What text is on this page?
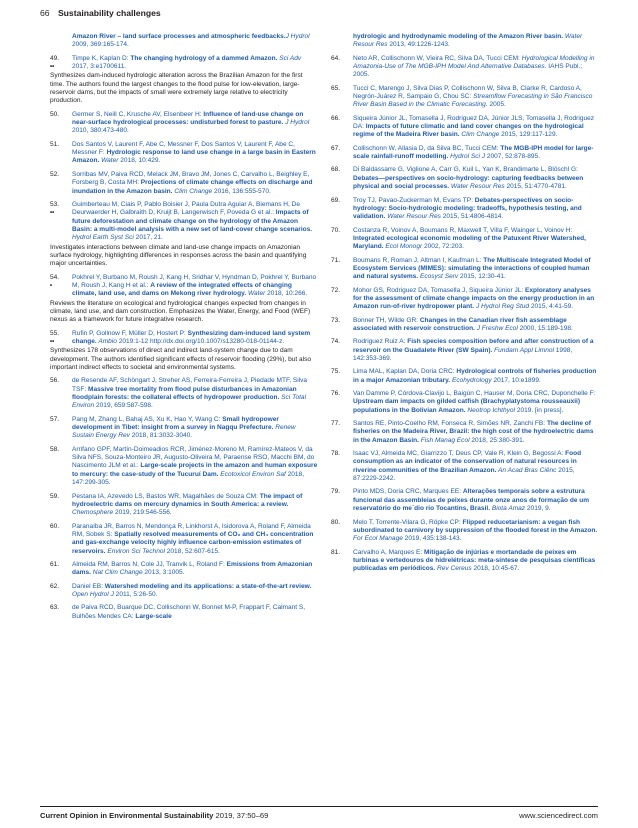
66 Sustainability challenges
Amazon River – land surface processes and atmospheric feedbacks.J Hydrol 2009, 369:165-174.
49.
••
Timpe K, Kaplan D: The changing hydrology of a dammed Amazon. Sci Adv 2017, 3:e1700611.
Synthesizes dam-induced hydrologic alteration across the Brazilian Amazon for the first time. The authors found the largest changes to the flood pulse for low-elevation, large-reservoir dams, but the impacts of small were extremely large relative to electricity production.
50. Germer S, Neill C, Krusche AV, Elsenbeer H: Influence of land-use change on near-surface hydrological processes: undisturbed forest to pasture. J Hydrol 2010, 380:473-480.
51. Dos Santos V, Laurent F, Abe C, Messner F, Dos Santos V, Laurent F, Abe C, Messner F: Hydrologic response to land use change in a large basin in Eastern Amazon. Water 2018, 10:429.
52. Sorribas MV, Paiva RCD, Melack JM, Bravo JM, Jones C, Carvalho L, Beighley E, Forsberg B, Costa MH: Projections of climate change effects on discharge and inundation in the Amazon basin. Clim Change 2016, 136:555-570.
53.
••
Guimberteau M, Ciais P, Pablo Boisier J, Paula Dutra Aguiar A, Biemans H, De Deurwaerder H, Galbraith D, Kruijt B, Langerwisch F, Poveda G et al.: Impacts of future deforestation and climate change on the hydrology of the Amazon Basin: a multi-model analysis with a new set of land-cover change scenarios. Hydrol Earth Syst Sci 2017, 21.
Investigates interactions between climate and land-use change impacts on Amazonian surface hydrology, highlighting differences in responses across the basin and quantifying major uncertainties.
54.
•
Pokhrel Y, Burbano M, Roush J, Kang H, Sridhar V, Hyndman D, Pokhrel Y, Burbano M, Roush J, Kang H et al.: A review of the integrated effects of changing climate, land use, and dams on Mekong river hydrology. Water 2018, 10:266.
Reviews the literature on ecological and hydrological changes expected from changes in climate, land use, and dam construction. Emphasizes the Water, Energy, and Food (WEF) nexus as a framework for future integrative research.
55.
••
Rufin P, Gollnow F, Müller D, Hostert P: Synthesizing dam-induced land system change. Ambio 2019:1-12 http://dx.doi.org/10.1007/s13280-018-01144-z.
Synthesizes 178 observations of direct and indirect land-system change due to dam development. The authors identified significant effects of reservoir flooding (29%), but also important indirect effects to societal and environmental systems.
56. de Resende AF, Schöngart J, Streher AS, Ferreira-Ferreira J, Piedade MTF, Silva TSF: Massive tree mortality from flood pulse disturbances in Amazonian floodplain forests: the collateral effects of hydropower production. Sci Total Environ 2019, 659:587-598.
57. Pang M, Zhang L, Bahaj AS, Xu K, Hao Y, Wang C: Small hydropower development in Tibet: insight from a survey in Nagqu Prefecture. Renew Sustain Energy Rev 2018, 81:3032-3040.
58. Arrifano GPF, Martín-Doimeadios RCR, Jiménez-Moreno M, Ramírez-Mateos V, da Silva NFS, Souza-Monteiro JR, Augusto-Oliveira M, Paraense RSO, Macchi BM, do Nascimento JLM et al.: Large-scale projects in the amazon and human exposure to mercury: the case-study of the Tucuruí Dam. Ecotoxicol Environ Saf 2018, 147:299-305.
59. Pestana IA, Azevedo LS, Bastos WR, Magalhães de Souza CM: The impact of hydroelectric dams on mercury dynamics in South America: a review. Chemosphere 2019, 219:546-556.
60. Paranaíba JR, Barros N, Mendonça R, Linkhorst A, Isidorova A, Roland F, Almeida RM, Sobek S: Spatially resolved measurements of CO₂ and CH₄ concentration and gas-exchange velocity highly influence carbon-emission estimates of reservoirs. Environ Sci Technol 2018, 52:607-615.
61. Almeida RM, Barros N, Cole JJ, Tranvik L, Roland F: Emissions from Amazonian dams. Nat Clim Change 2013, 3:1005.
62. Daniel EB: Watershed modeling and its applications: a state-of-the-art review. Open Hydrol J 2011, 5:26-50.
63. de Paiva RCD, Buarque DC, Collischonn W, Bonnet M-P, Frappart F, Calmant S, Bulhões Mendes CA: Large-scale
hydrologic and hydrodynamic modeling of the Amazon River basin. Water Resour Res 2013, 49:1226-1243.
64. Neto AR, Collischonn W, Vieira RC, Silva DA, Tucci CEM: Hydrological Modelling in Amazonia-Use of The MGB-IPH Model And Alternative Databases. IAHS Publ.; 2005.
65. Tucci C, Marengo J, Silva Dias P, Collischonn W, Silva B, Clarke R, Cardoso A, Negrón-Juárez R, Sampaio G, Chou SC: Streamflow Forecasting in São Francisco River Basin Based in the Climatic Forecasting. 2005.
66. Siqueira Júnior JL, Tomasella J, Rodriguez DA, Júnior JLS, Tomasella J, Rodriguez DA: Impacts of future climatic and land cover changes on the hydrological regime of the Madeira River basin. Clim Change 2015, 129:117-129.
67. Collischonn W, Allasia D, da Silva BC, Tucci CEM: The MGB-IPH model for large-scale rainfall-runoff modelling. Hydrol Sci J 2007, 52:878-895.
68. Di Baldassarre G, Viglione A, Carr G, Kuil L, Yan K, Brandimarte L, Blöschl G: Debates—perspectives on socio-hydrology: capturing feedbacks between physical and social processes. Water Resour Res 2015, 51:4770-4781.
69. Troy TJ, Pavao-Zuckerman M, Evans TP: Debates-perspectives on socio-hydrology: Socio-hydrologic modeling: tradeoffs, hypothesis testing, and validation. Water Resour Res 2015, 51:4806-4814.
70. Costanza R, Voinov A, Boumans R, Maxwell T, Villa F, Wainger L, Voinov H: Integrated ecological economic modeling of the Patuxent River Watershed, Maryland. Ecol Monogr 2002, 72:203.
71. Boumans R, Roman J, Altman I, Kaufman L: The Multiscale Integrated Model of Ecosystem Services (MIMES): simulating the interactions of coupled human and natural systems. Ecosyst Serv 2015, 12:30-41.
72. Mohor GS, Rodriguez DA, Tomasella J, Siqueira Júnior JL: Exploratory analyses for the assessment of climate change impacts on the energy production in an Amazon run-of-river hydropower plant. J Hydrol Reg Stud 2015, 4:41-59.
73. Bonner TH, Wilde GR: Changes in the Canadian river fish assemblage associated with reservoir construction. J Freshw Ecol 2000, 15:189-198.
74. Rodriguez Ruiz A: Fish species composition before and after construction of a reservoir on the Guadalete River (SW Spain). Fundam Appl Limnol 1998, 142:353-369.
75. Lima MAL, Kaplan DA, Doria CRC: Hydrological controls of fisheries production in a major Amazonian tributary. Ecohydrology 2017, 10:e1899.
76. Van Damme P, Córdova-Clavijo L, Baigún C, Hauser M, Doria CRC, Duponchelle F: Upstream dam impacts on gilded catfish (Brachyplatystoma rousseauxii) populations in the Bolivian Amazon. Neotrop Ichthyol 2019. [in press].
77. Santos RE, Pinto-Coelho RM, Fonseca R, Simões NR, Zanchi FB: The decline of fisheries on the Madeira River, Brazil: the high cost of the hydroelectric dams in the Amazon Basin. Fish Manag Ecol 2018, 25:380-391.
78. Isaac VJ, Almeida MC, Giarrizzo T, Deus CP, Vale R, Klein G, Begossi A: Food consumption as an indicator of the conservation of natural resources in riverine communities of the Brazilian Amazon. An Acad Bras Ciênc 2015, 87:2229-2242.
79. Pinto MDS, Doria CRC, Marques EE: Alterações temporais sobre a estrutura funcional das assembleias de peixes durante onze anos de formação de um reservatório do me´dio rio Tocantins, Brasil. Biota Amaz 2019, 9.
80. Melo T, Torrente-Vilara G, Röpke CP: Flipped reducetarianism: a vegan fish subordinated to carnivory by suppression of the flooded forest in the Amazon. For Ecol Manage 2019, 435:138-143.
81. Carvalho A, Marques E: Mitigação de injúrias e mortandade de peixes em turbinas e vertedouros de hidrelétricas: meta-síntese de pesquisas científicas publicadas em periódicos. Rev Cereus 2018, 10:45-67.
Current Opinion in Environmental Sustainability 2019, 37:50–69	www.sciencedirect.com
